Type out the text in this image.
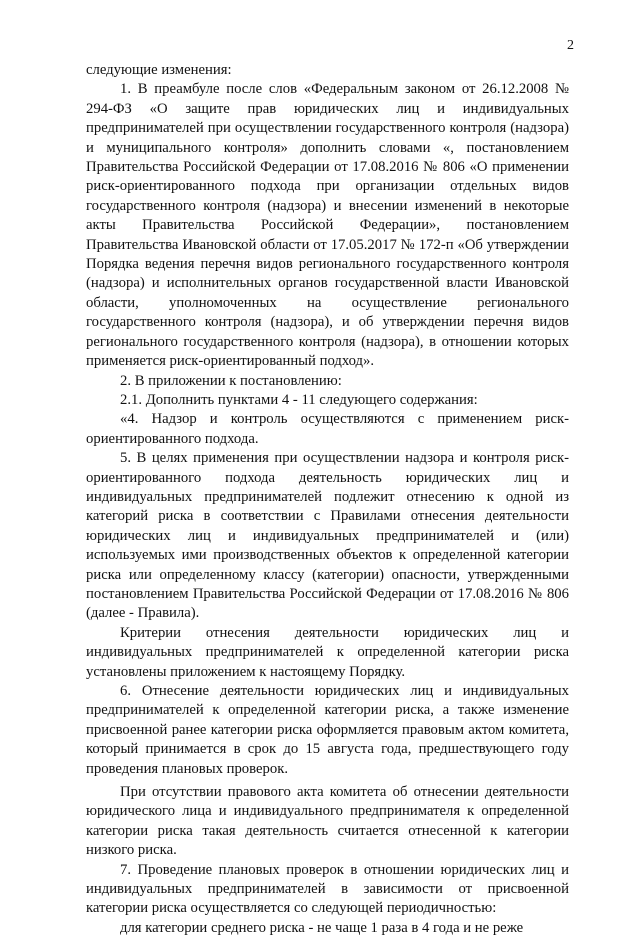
2

следующие изменения:

1. В преамбуле после слов «Федеральным законом от 26.12.2008 № 294-ФЗ «О защите прав юридических лиц и индивидуальных предпринимателей при осуществлении государственного контроля (надзора) и муниципального контроля» дополнить словами «, постановлением Правительства Российской Федерации от 17.08.2016 № 806 «О применении риск-ориентированного подхода при организации отдельных видов государственного контроля (надзора) и внесении изменений в некоторые акты Правительства Российской Федерации», постановлением Правительства Ивановской области от 17.05.2017 № 172-п «Об утверждении Порядка ведения перечня видов регионального государственного контроля (надзора) и исполнительных органов государственной власти Ивановской области, уполномоченных на осуществление регионального государственного контроля (надзора), и об утверждении перечня видов регионального государственного контроля (надзора), в отношении которых применяется риск-ориентированный подход».

2. В приложении к постановлению:

2.1. Дополнить пунктами 4 - 11 следующего содержания:

«4. Надзор и контроль осуществляются с применением риск-ориентированного подхода.

5. В целях применения при осуществлении надзора и контроля риск-ориентированного подхода деятельность юридических лиц и индивидуальных предпринимателей подлежит отнесению к одной из категорий риска в соответствии с Правилами отнесения деятельности юридических лиц и индивидуальных предпринимателей и (или) используемых ими производственных объектов к определенной категории риска или определенному классу (категории) опасности, утвержденными постановлением Правительства Российской Федерации от 17.08.2016 № 806 (далее - Правила).

Критерии отнесения деятельности юридических лиц и индивидуальных предпринимателей к определенной категории риска установлены приложением к настоящему Порядку.

6. Отнесение деятельности юридических лиц и индивидуальных предпринимателей к определенной категории риска, а также изменение присвоенной ранее категории риска оформляется правовым актом комитета, который принимается в срок до 15 августа года, предшествующего году проведения плановых проверок.

При отсутствии правового акта комитета об отнесении деятельности юридического лица и индивидуального предпринимателя к определенной категории риска такая деятельность считается отнесенной к категории низкого риска.

7. Проведение плановых проверок в отношении юридических лиц и индивидуальных предпринимателей в зависимости от присвоенной категории риска осуществляется со следующей периодичностью:

для категории среднего риска - не чаще 1 раза в 4 года и не реже
